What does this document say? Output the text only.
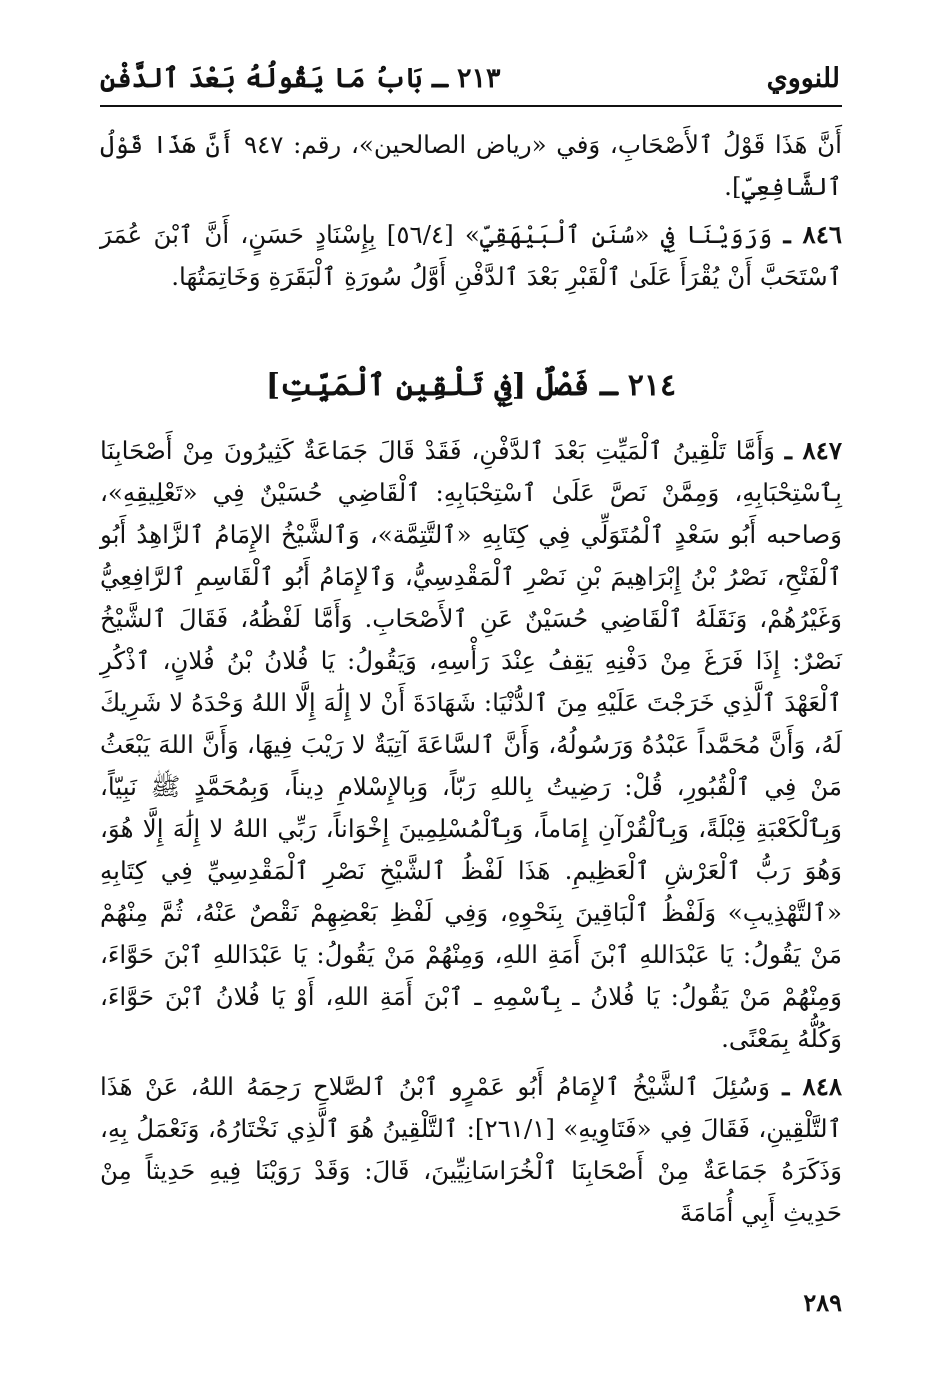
للنووي
٢١٣ ـ بَابُ مَا يَقُولُهُ بَعْدَ ٱلدَّفْنِ

أَنَّ هَذَا قَوْلُ ٱلأَصْحَابِ، وَفي «رياض الصالحين»، رقم: ٩٤٧ أَنَّ هَذَا قَوْلُ ٱلشَّافِعِيِّ].

٨٤٦ ـ وَرَوَيْنَا فِي «سُنَنِ ٱلْبَيْهَقِيِّ» [٥٦/٤] بِإِسْنَادٍ حَسَنٍ، أَنَّ ٱبْنَ عُمَرَ ٱسْتَحَبَّ أَنْ يُقْرَأَ عَلَىٰ ٱلْقَبْرِ بَعْدَ ٱلدَّفْنِ أَوَّلُ سُورَةِ ٱلْبَقَرَةِ وَخَاتِمَتُهَا.

٢١٤ ـ فَصْلٌ [فِي تَلْقِينِ ٱلْمَيِّتِ]

٨٤٧ ـ وَأَمَّا تَلْقِينُ ٱلْمَيِّتِ بَعْدَ ٱلدَّفْنِ، فَقَدْ قَالَ جَمَاعَةٌ كَثِيرُونَ مِنْ أَصْحَابِنَا بِٱسْتِحْبَابِهِ، وَمِمَّنْ نَصَّ عَلَىٰ ٱسْتِحْبَابِهِ: ٱلْقَاضِي حُسَيْنٌ فِي «تَعْلِيقِهِ»، وَصاحبه أَبُو سَعْدٍ ٱلْمُتَوَلِّي فِي كِتَابِهِ «ٱلتَّتِمَّة»، وَٱلشَّيْخُ الإِمَامُ ٱلزَّاهِدُ أَبُو ٱلْفَتْحِ، نَصْرُ بْنُ إِبْرَاهِيمَ بْنِ نَصْرِ ٱلْمَقْدِسِيُّ، وَٱلإِمَامُ أَبُو ٱلْقَاسِمِ ٱلرَّافِعِيُّ وَغَيْرُهُمْ، وَنَقَلَهُ ٱلْقَاضِي حُسَيْنٌ عَنِ ٱلأَصْحَابِ. وَأَمَّا لَفْظُهُ، فَقَالَ ٱلشَّيْخُ نَصْرٌ: إِذَا فَرَغَ مِنْ دَفْنِهِ يَقِفُ عِنْدَ رَأْسِهِ، وَيَقُولُ: يَا فُلانُ بْنُ فُلانٍ، ٱذْكُرِ ٱلْعَهْدَ ٱلَّذِي خَرَجْتَ عَلَيْهِ مِنَ ٱلدُّنْيَا: شَهَادَةَ أَنْ لا إِلَٰهَ إِلَّا اللهُ وَحْدَهُ لا شَرِيكَ لَهُ، وَأَنَّ مُحَمَّداً عَبْدُهُ وَرَسُولُهُ، وَأَنَّ ٱلسَّاعَةَ آتِيَةٌ لا رَيْبَ فِيهَا، وَأَنَّ اللهَ يَبْعَثُ مَنْ فِي ٱلْقُبُورِ، قُلْ: رَضِيتُ بِاللهِ رَبّاً، وَبِالإِسْلامِ دِيناً، وَبِمُحَمَّدٍ ﷺ نَبِيّاً، وَبِٱلْكَعْبَةِ قِبْلَةً، وَبِٱلْقُرْآنِ إِمَاماً، وَبِٱلْمُسْلِمِينَ إِخْوَاناً، رَبِّي اللهُ لا إِلَٰهَ إِلَّا هُوَ، وَهُوَ رَبُّ ٱلْعَرْشِ ٱلْعَظِيمِ. هَذَا لَفْظُ ٱلشَّيْخِ نَصْرِ ٱلْمَقْدِسِيِّ فِي كِتَابِهِ «ٱلتَّهْذِيبِ» وَلَفْظُ ٱلْبَاقِينَ بِنَحْوِهِ، وَفِي لَفْظِ بَعْضِهِمْ نَقْصٌ عَنْهُ، ثُمَّ مِنْهُمْ مَنْ يَقُولُ: يَا عَبْدَاللهِ ٱبْنَ أَمَةِ اللهِ، وَمِنْهُمْ مَنْ يَقُولُ: يَا عَبْدَاللهِ ٱبْنَ حَوَّاءَ، وَمِنْهُمْ مَنْ يَقُولُ: يَا فُلانُ ـ بِٱسْمِهِ ـ ٱبْنَ أَمَةِ اللهِ، أَوْ يَا فُلانُ ٱبْنَ حَوَّاءَ، وَكُلُّهُ بِمَعْنًى.

٨٤٨ ـ وَسُئِلَ ٱلشَّيْخُ ٱلإِمَامُ أَبُو عَمْرٍو ٱبْنُ ٱلصَّلاحِ رَحِمَهُ اللهُ، عَنْ هَذَا ٱلتَّلْقِينِ، فَقَالَ فِي «فَتَاوِيهِ» [٢٦١/١]: ٱلتَّلْقِينُ هُوَ ٱلَّذِي نَخْتَارُهُ، وَنَعْمَلُ بِهِ، وَذَكَرَهُ جَمَاعَةٌ مِنْ أَصْحَابِنَا ٱلْخُرَاسَانِيِّينَ، قَالَ: وَقَدْ رَوَيْنَا فِيهِ حَدِيثاً مِنْ حَدِيثِ أَبِي أُمَامَةَ

٢٨٩
